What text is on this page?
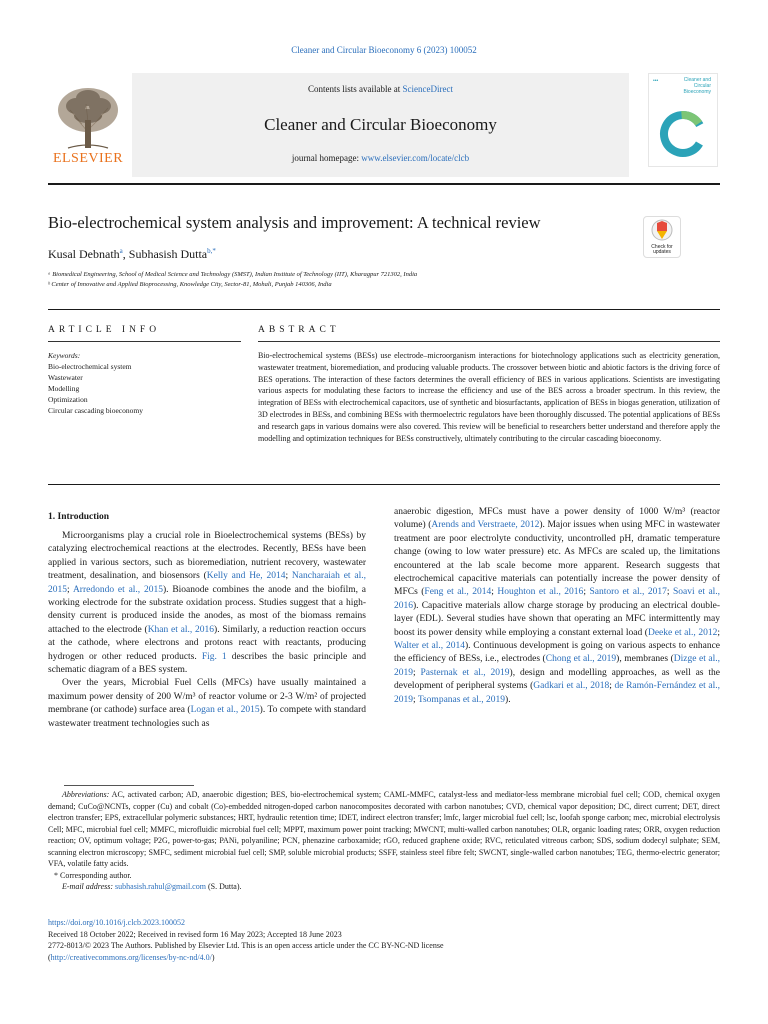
Cleaner and Circular Bioeconomy 6 (2023) 100052
ELSEVIER
Contents lists available at ScienceDirect
Cleaner and Circular Bioeconomy
journal homepage: www.elsevier.com/locate/clcb
•••	Cleaner and Circular Bioeconomy
Bio-electrochemical system analysis and improvement: A technical review
Check for updates
Kusal Debnath$^a$, Subhasish Dutta$^{b,*}$
ᵃ Biomedical Engineering, School of Medical Science and Technology (SMST), Indian Institute of Technology (IIT), Kharagpur 721302, India
ᵇ Center of Innovative and Applied Bioprocessing, Knowledge City, Sector-81, Mohali, Punjab 140306, India
ARTICLE INFO	ABSTRACT
Keywords:
Bio-electrochemical system
Wastewater
Modelling
Optimization
Circular cascading bioeconomy
Bio-electrochemical systems (BESs) use electrode–microorganism interactions for biotechnology applications such as electricity generation, wastewater treatment, bioremediation, and producing valuable products. The crossover between biotic and abiotic factors is the driving force of BES operations. The interaction of these factors determines the overall efficiency of BES in various applications. Scientists are investigating various aspects for modulating these factors to increase the efficiency and use of the BES across a broader spectrum. In this review, the integration of BESs with electrochemical capacitors, use of synthetic and biosurfactants, application of BESs in biogas generation, utilization of 3D electrodes in BESs, and combining BESs with thermoelectric regulators have been thoroughly discussed. The potential applications of BESs and research gaps in various domains were also covered. This review will be beneficial to researchers better understand and therefore apply the modelling and optimization techniques for BESs constructively, ultimately contributing to the circular cascading bioeconomy.
1. Introduction

Microorganisms play a crucial role in Bioelectrochemical systems (BESs) by catalyzing electrochemical reactions at the electrodes. Recently, BESs have been applied in various sectors, such as bioremediation, nutrient recovery, wastewater treatment, desalination, and biosensors (Kelly and He, 2014; Nancharaiah et al., 2015; Arredondo et al., 2015). Bioanode combines the anode and the biofilm, a working electrode for the substrate oxidation process. Studies suggest that a high-density current is produced inside the anodes, as most of the biomass remains attached to the electrode (Khan et al., 2016). Similarly, a reduction reaction occurs at the cathode, where electrons and protons react with reactants, producing hydrogen or other reduced products. Fig. 1 describes the basic principle and schematic diagram of a BES system.

Over the years, Microbial Fuel Cells (MFCs) have usually maintained a maximum power density of 200 W/m³ of reactor volume or 2-3 W/m² of projected membrane (or cathode) surface area (Logan et al., 2015). To compete with standard wastewater treatment technologies such as

anaerobic digestion, MFCs must have a power density of 1000 W/m³ (reactor volume) (Arends and Verstraete, 2012). Major issues when using MFC in wastewater treatment are poor electrolyte conductivity, uncontrolled pH, dramatic temperature change (owing to low water pressure) etc. As MFCs are scaled up, the limitations encountered at the lab scale become more apparent. Research suggests that electrochemical capacitive materials can potentially increase the power density of MFCs (Feng et al., 2014; Houghton et al., 2016; Santoro et al., 2017; Soavi et al., 2016). Capacitive materials allow charge storage by producing an electrical double-layer (EDL). Several studies have shown that operating an MFC intermittently may boost its power density while employing a constant external load (Deeke et al., 2012; Walter et al., 2014). Continuous development is going on various aspects to enhance the efficiency of BESs, i.e., electrodes (Chong et al., 2019), membranes (Dizge et al., 2019; Pasternak et al., 2019), design and modelling approaches, as well as the development of peripheral systems (Gadkari et al., 2018; de Ramón-Fernández et al., 2019; Tsompanas et al., 2019).

Abbreviations: AC, activated carbon; AD, anaerobic digestion; BES, bio-electrochemical system; CAML-MMFC, catalyst-less and mediator-less membrane microbial fuel cell; COD, chemical oxygen demand; CuCo@NCNTs, copper (Cu) and cobalt (Co)-embedded nitrogen-doped carbon nanocomposites decorated with carbon nanotubes; CVD, chemical vapor deposition; DC, direct current; DET, direct electron transfer; EPS, extracellular polymeric substances; HRT, hydraulic retention time; IDET, indirect electron transfer; lmfc, larger microbial fuel cell; lsc, loofah sponge carbon; mec, microbial electrolysis Cell; MFC, microbial fuel cell; MMFC, microfluidic microbial fuel cell; MPPT, maximum power point tracking; MWCNT, multi-walled carbon nanotubes; OLR, organic loading rates; ORR, oxygen reduction reaction; OV, optimum voltage; P2G, power-to-gas; PANi, polyaniline; PCN, phenazine carboxamide; rGO, reduced graphene oxide; RVC, reticulated vitreous carbon; SDS, sodium dodecyl sulphate; SEM, scanning electron microscopy; SMFC, sediment microbial fuel cell; SMP, soluble microbial products; SSFF, stainless steel fibre felt; SWCNT, single-walled carbon nanotubes; TEG, thermo-electric generator; VFA, volatile fatty acids.
* Corresponding author.
E-mail address: subhasish.rahul@gmail.com (S. Dutta).
https://doi.org/10.1016/j.clcb.2023.100052
Received 18 October 2022; Received in revised form 16 May 2023; Accepted 18 June 2023
2772-8013/© 2023 The Authors. Published by Elsevier Ltd. This is an open access article under the CC BY-NC-ND license
(http://creativecommons.org/licenses/by-nc-nd/4.0/)
